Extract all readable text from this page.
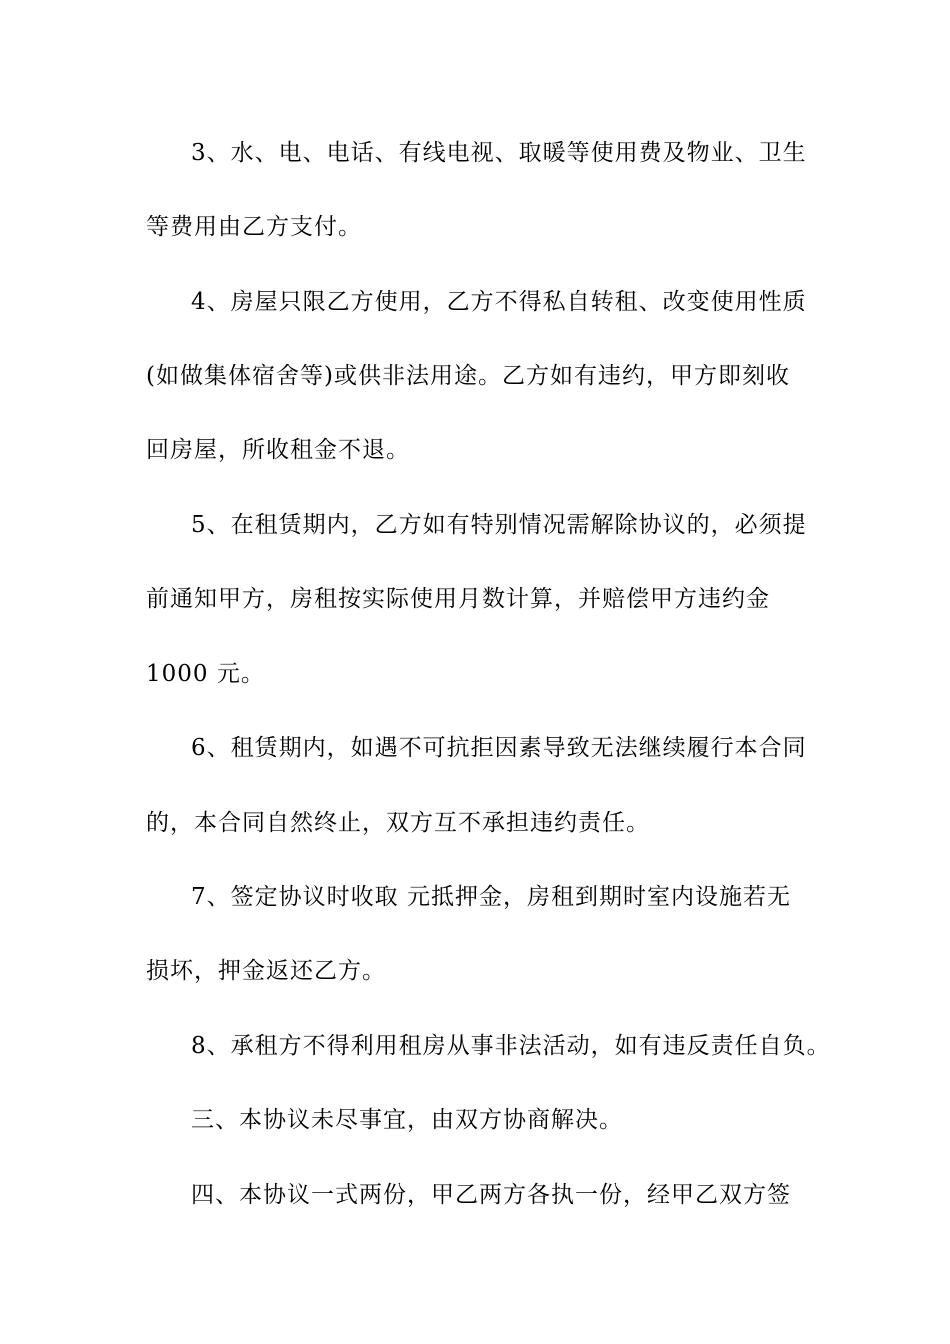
3、水、电、电话、有线电视、取暖等使用费及物业、卫生
等费用由乙方支付。
4、房屋只限乙方使用，乙方不得私自转租、改变使用性质
(如做集体宿舍等)或供非法用途。乙方如有违约，甲方即刻收
回房屋，所收租金不退。
5、在租赁期内，乙方如有特别情况需解除协议的，必须提
前通知甲方，房租按实际使用月数计算，并赔偿甲方违约金
1000 元。
6、租赁期内，如遇不可抗拒因素导致无法继续履行本合同
的，本合同自然终止，双方互不承担违约责任。
7、签定协议时收取 元抵押金，房租到期时室内设施若无
损坏，押金返还乙方。
8、承租方不得利用租房从事非法活动，如有违反责任自负。
三、本协议未尽事宜，由双方协商解决。
四、本协议一式两份，甲乙两方各执一份，经甲乙双方签
